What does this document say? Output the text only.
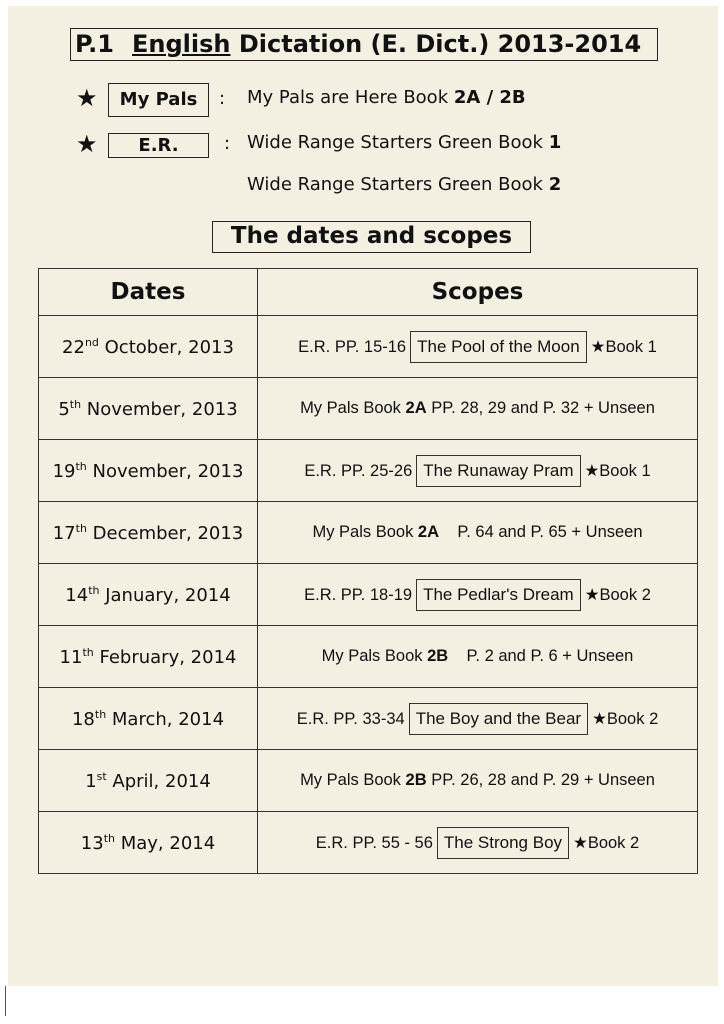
P.1 English Dictation (E. Dict.) 2013-2014
★	My Pals	: My Pals are Here Book 2A / 2B
★	E.R.	: Wide Range Starters Green Book 1
Wide Range Starters Green Book 2
The dates and scopes
Dates	Scopes
22nd October, 2013	E.R. PP. 15-16 The Pool of the Moon ★Book 1
5th November, 2013	My Pals Book 2A PP. 28, 29 and P. 32 + Unseen
19th November, 2013	E.R. PP. 25-26 The Runaway Pram ★Book 1
17th December, 2013	My Pals Book 2A    P. 64 and P. 65 + Unseen
14th January, 2014	E.R. PP. 18-19 The Pedlar's Dream ★Book 2
11th February, 2014	My Pals Book 2B    P. 2 and P. 6 + Unseen
18th March, 2014	E.R. PP. 33-34 The Boy and the Bear ★Book 2
1st April, 2014	My Pals Book 2B PP. 26, 28 and P. 29 + Unseen
13th May, 2014	E.R. PP. 55 - 56 The Strong Boy ★Book 2
